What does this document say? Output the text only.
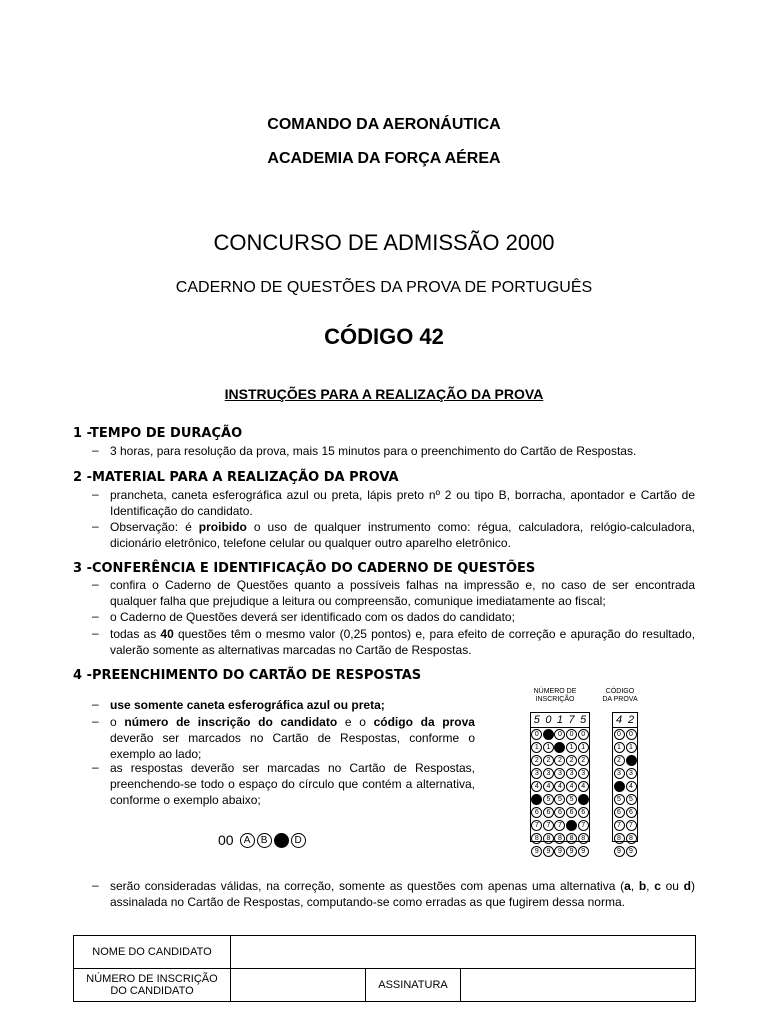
COMANDO DA AERONÁUTICA
ACADEMIA DA FORÇA AÉREA
CONCURSO DE ADMISSÃO 2000
CADERNO DE QUESTÕES DA PROVA DE PORTUGUÊS
CÓDIGO 42
INSTRUÇÕES PARA A REALIZAÇÃO DA PROVA
1 -TEMPO DE DURAÇÃO
– 3 horas, para resolução da prova, mais 15 minutos para o preenchimento do Cartão de Respostas.
2 -MATERIAL PARA A REALIZAÇÃO DA PROVA
– prancheta, caneta esferográfica azul ou preta, lápis preto nº 2 ou tipo B, borracha, apontador e Cartão de Identificação do candidato.
– Observação: é proibido o uso de qualquer instrumento como: régua, calculadora, relógio-calculadora, dicionário eletrônico, telefone celular ou qualquer outro aparelho eletrônico.
3 -CONFERÊNCIA E IDENTIFICAÇÃO DO CADERNO DE QUESTÕES
– confira o Caderno de Questões quanto a possíveis falhas na impressão e, no caso de ser encontrada qualquer falha que prejudique a leitura ou compreensão, comunique imediatamente ao fiscal;
– o Caderno de Questões deverá ser identificado com os dados do candidato;
– todas as 40 questões têm o mesmo valor (0,25 pontos) e, para efeito de correção e apuração do resultado, valerão somente as alternativas marcadas no Cartão de Respostas.
4 -PREENCHIMENTO DO CARTÃO DE RESPOSTAS
– use somente caneta esferográfica azul ou preta;
– o número de inscrição do candidato e o código da prova deverão ser marcados no Cartão de Respostas, conforme o exemplo ao lado;
– as respostas deverão ser marcadas no Cartão de Respostas, preenchendo-se todo o espaço do círculo que contém a alternativa, conforme o exemplo abaixo;
00	A	B	D
NÚMERO DE INSCRIÇÃO
CÓDIGO DA PROVA
5
0
1
2
3
4
5
6
7
8
9
0
0
1
2
3
4
5
6
7
8
9
1
0
1
2
3
4
5
6
7
8
9
7
0
1
2
3
4
5
6
7
8
9
5
0
1
2
3
4
5
6
7
8
9
4
0
1
2
3
4
5
6
7
8
9
2
0
1
2
3
4
5
6
7
8
9
– serão consideradas válidas, na correção, somente as questões com apenas uma alternativa (a, b, c ou d) assinalada no Cartão de Respostas, computando-se como erradas as que fugirem dessa norma.
NOME DO CANDIDATO			
NÚMERO DE INSCRIÇÃO DO CANDIDATO		ASSINATURA	
